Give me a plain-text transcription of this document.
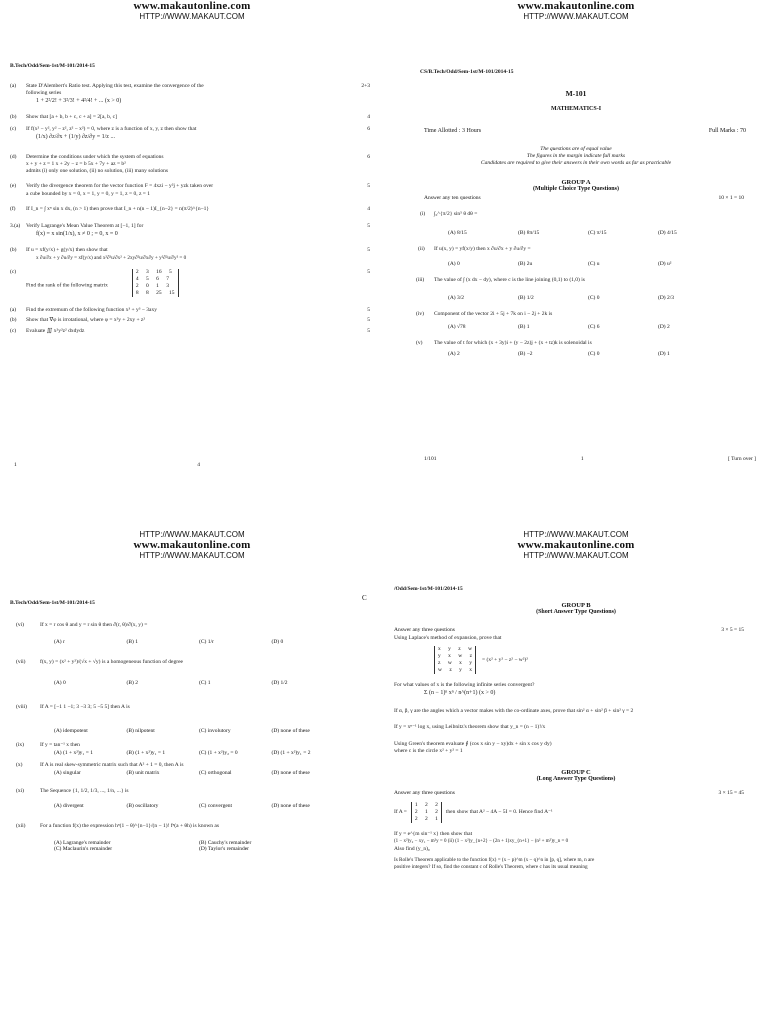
www.makautonline.com
HTTP://WWW.MAKAUT.COM
B.Tech/Odd/Sem-1st/M-101/2014-15
(a) State D'Alembert's Ratio test. Applying this test, examine the convergence of the
following series
1 + 2²/2! + 3²/3! + 4²/4! + ... (x > 0)
2+3
(b) Show that [a + b, b + c, c + a] = 2[a, b, c]	4
(c) If f(x² − y², y² − z², z² − x²) = 0, where z is a function of x, y, z then show that
(1/x) ∂z/∂x + (1/y) ∂z/∂y = 1/z ...
6
(d) Determine the conditions under which the system of equations
x + y + z = 1 x + 2y − z = b 5x + 7y + az = b²
admits (i) only one solution, (ii) no solution, (iii) many solutions
6
(e) Verify the divergence theorem for the vector function F = 4xzi − y²j + yzk taken over
a cube bounded by x = 0, x = 1, y = 0, y = 1, z = 0, z = 1
5
(f) If I_n = ∫ xⁿ sin x dx, (n > 1) then prove that I_n + n(n − 1)I_{n−2} = n(π/2)^{n−1}	4
3.(a) Verify Lagrange's Mean Value Theorem at [−1, 1] for
f(x) = x sin(1/x), x ≠ 0 ; = 0, x = 0
5
(b) If u = xf(y/x) + g(y/x) then show that
x ∂u/∂x + y ∂u/∂y = xf(y/x) and x²∂²u/∂x² + 2xy∂²u/∂x∂y + y²∂²u/∂y² = 0
5
(c)
Find the rank of the following matrix
2 3 16 5
4 5 6 7
2 0 1 3
8 8 25 15
5
(a) Find the extremum of the following function x³ + y³ − 3axy	5
(b) Show that ∇φ is irrotational, where φ = x²y + 2xy + z²	5
(c) Evaluate ∭ x²y²z² dxdydz	5
1	4
www.makautonline.com
HTTP://WWW.MAKAUT.COM
CS/B.Tech/Odd/Sem-1st/M-101/2014-15
M-101
MATHEMATICS-I
Time Allotted : 3 Hours	Full Marks : 70
The questions are of equal value
The figures in the margin indicate full marks
Candidates are required to give their answers in their own words as far as practicable
GROUP A
(Multiple Choice Type Questions)
Answer any ten questions	10 × 1 = 10
(i) ∫₀^{π/2} sin⁵ θ dθ =
(A) 8/15	(B) 8π/15	(C) π/15	(D) 4/15
(ii) If u(x, y) = yf(x/y) then x ∂u/∂x + y ∂u/∂y =
(A) 0	(B) 2u	(C) u	(D) u²
(iii) The value of ∫ (x dx − dy), where c is the line joining (0,1) to (1,0) is
(A) 3/2	(B) 1/2	(C) 0	(D) 2/3
(iv) Component of the vector 2i + 5j + 7k on i − 2j + 2k is
(A) √78	(B) 1	(C) 6	(D) 2
(v) The value of t for which (x + 3y)i + (y − 2z)j + (x + tz)k is solenoidal is
(A) 2	(B) −2	(C) 0	(D) 1
1/101	1	[ Turn over ]
HTTP://WWW.MAKAUT.COM
www.makautonline.com
HTTP://WWW.MAKAUT.COM
B.Tech/Odd/Sem-1st/M-101/2014-15
(vi)	If x = r cos θ and y = r sin θ then ∂(r, θ)/∂(x, y) =
(A) r	(B) 1	(C) 1/r	(D) 0
(vii)	f(x, y) = (x² + y²)/(√x + √y) is a homogeneous function of degree
(A) 0	(B) 2	(C) 1	(D) 1/2
(viii) If A = [−1 1 −1; 3 −3 3; 5 −5 5] then A is
(A) idempotent	(B) nilpotent	(C) involutory	(D) none of these
(ix)	If y = tan⁻¹ x then
(A) (1 + x²)y₁ = 1	(B) (1 + x²)y₁ = 1	(C) (1 + x²)y₂ = 0	(D) (1 + x²)y₁ = 2
(x)	If A is real skew-symmetric matrix such that A² + 1 = 0, then A is
(A) singular	(B) unit matrix	(C) orthogonal	(D) none of these
(xi)	The Sequence {1, 1/2, 1/3, ..., 1/n, ...} is
(A) divergent	(B) oscillatory	(C) convergent	(D) none of these
(xii)	For a function f(x) the expression hⁿ(1 − θ)^{n−1}/(n − 1)! fⁿ(a + θh) is known as
(A) Lagrange's remainder	(B) Cauchy's remainder
(C) Maclaurin's remainder	(D) Taylor's remainder
C
HTTP://WWW.MAKAUT.COM
www.makautonline.com
HTTP://WWW.MAKAUT.COM
/Odd/Sem-1st/M-101/2014-15
GROUP B
(Short Answer Type Questions)
Answer any three questions	3 × 5 = 15
Using Laplace's method of expansion, prove that
x y z w
y x w z
z w x y
w z y x
= (x² + y² − z² − w²)²
For what values of x is the following infinite series convergent?
Σ (n − 1)ⁿ xⁿ / n^(n+1) (x > 0)
If α, β, γ are the angles which a vector makes with the co-ordinate axes, prove that sin² α + sin² β + sin² γ = 2
If y = xⁿ⁻¹ log x, using Leibnitz's theorem show that y_n = (n − 1)!/x
Using Green's theorem evaluate ∮ (cos x sin y − xy)dx + sin x cos y dy)
where c is the circle x² + y² = 1
GROUP C
(Long Answer Type Questions)
Answer any three questions	3 × 15 = 45
If A =
1 2 2
2 1 2
2 2 1
then show that A² − 4A − 5I = 0. Hence find A⁻¹
If y = e^{m sin⁻¹ x} then show that
(1 − x²)y₂ − xy₁ − m²y = 0 (ii) (1 − x²)y_{n+2} − (2n + 1)xy_{n+1} − (n² + m²)y_n = 0
Also find (y_n)₀
Is Rolle's Theorem applicable to the function f(x) = (x − p)^m (x − q)^n in [p, q], where m, n are
positive integers? If so, find the constant c of Rolle's Theorem, where c has its usual meaning
